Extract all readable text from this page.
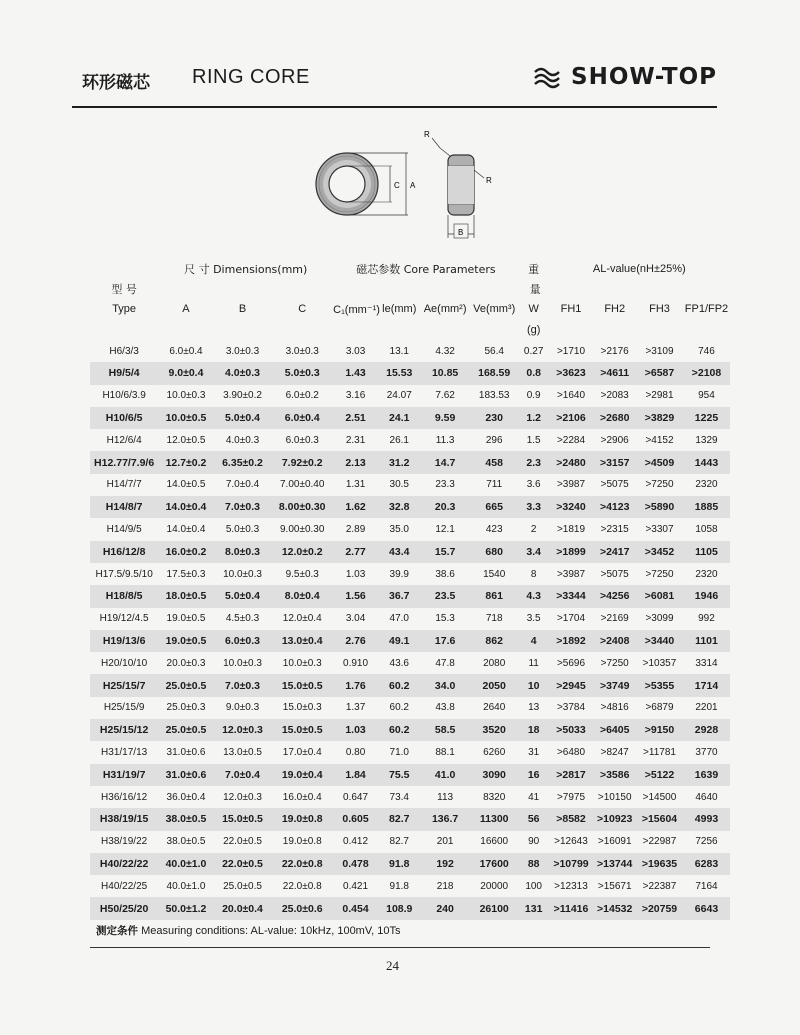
环形磁芯 RING CORE	SHOW-TOP
C A
B
R
R
	尺 寸 Dimensions(mm)			磁芯参数 Core Parameters				重	AL-value(nH±25%)			
型 号	量											
Type	A	B	C	C₁(mm⁻¹)	le(mm)	Ae(mm²)	Ve(mm³)	W	FH1	FH2	FH3	FP1/FP2
								(g)				
H6/3/3	6.0±0.4	3.0±0.3	3.0±0.3	3.03	13.1	4.32	56.4	0.27	>1710	>2176	>3109	746
H9/5/4	9.0±0.4	4.0±0.3	5.0±0.3	1.43	15.53	10.85	168.59	0.8	>3623	>4611	>6587	>2108
H10/6/3.9	10.0±0.3	3.90±0.2	6.0±0.2	3.16	24.07	7.62	183.53	0.9	>1640	>2083	>2981	954
H10/6/5	10.0±0.5	5.0±0.4	6.0±0.4	2.51	24.1	9.59	230	1.2	>2106	>2680	>3829	1225
H12/6/4	12.0±0.5	4.0±0.3	6.0±0.3	2.31	26.1	11.3	296	1.5	>2284	>2906	>4152	1329
H12.77/7.9/6	12.7±0.2	6.35±0.2	7.92±0.2	2.13	31.2	14.7	458	2.3	>2480	>3157	>4509	1443
H14/7/7	14.0±0.5	7.0±0.4	7.00±0.40	1.31	30.5	23.3	711	3.6	>3987	>5075	>7250	2320
H14/8/7	14.0±0.4	7.0±0.3	8.00±0.30	1.62	32.8	20.3	665	3.3	>3240	>4123	>5890	1885
H14/9/5	14.0±0.4	5.0±0.3	9.00±0.30	2.89	35.0	12.1	423	2	>1819	>2315	>3307	1058
H16/12/8	16.0±0.2	8.0±0.3	12.0±0.2	2.77	43.4	15.7	680	3.4	>1899	>2417	>3452	1105
H17.5/9.5/10	17.5±0.3	10.0±0.3	9.5±0.3	1.03	39.9	38.6	1540	8	>3987	>5075	>7250	2320
H18/8/5	18.0±0.5	5.0±0.4	8.0±0.4	1.56	36.7	23.5	861	4.3	>3344	>4256	>6081	1946
H19/12/4.5	19.0±0.5	4.5±0.3	12.0±0.4	3.04	47.0	15.3	718	3.5	>1704	>2169	>3099	992
H19/13/6	19.0±0.5	6.0±0.3	13.0±0.4	2.76	49.1	17.6	862	4	>1892	>2408	>3440	1101
H20/10/10	20.0±0.3	10.0±0.3	10.0±0.3	0.910	43.6	47.8	2080	11	>5696	>7250	>10357	3314
H25/15/7	25.0±0.5	7.0±0.3	15.0±0.5	1.76	60.2	34.0	2050	10	>2945	>3749	>5355	1714
H25/15/9	25.0±0.3	9.0±0.3	15.0±0.3	1.37	60.2	43.8	2640	13	>3784	>4816	>6879	2201
H25/15/12	25.0±0.5	12.0±0.3	15.0±0.5	1.03	60.2	58.5	3520	18	>5033	>6405	>9150	2928
H31/17/13	31.0±0.6	13.0±0.5	17.0±0.4	0.80	71.0	88.1	6260	31	>6480	>8247	>11781	3770
H31/19/7	31.0±0.6	7.0±0.4	19.0±0.4	1.84	75.5	41.0	3090	16	>2817	>3586	>5122	1639
H36/16/12	36.0±0.4	12.0±0.3	16.0±0.4	0.647	73.4	113	8320	41	>7975	>10150	>14500	4640
H38/19/15	38.0±0.5	15.0±0.5	19.0±0.8	0.605	82.7	136.7	11300	56	>8582	>10923	>15604	4993
H38/19/22	38.0±0.5	22.0±0.5	19.0±0.8	0.412	82.7	201	16600	90	>12643	>16091	>22987	7256
H40/22/22	40.0±1.0	22.0±0.5	22.0±0.8	0.478	91.8	192	17600	88	>10799	>13744	>19635	6283
H40/22/25	40.0±1.0	25.0±0.5	22.0±0.8	0.421	91.8	218	20000	100	>12313	>15671	>22387	7164
H50/25/20	50.0±1.2	20.0±0.4	25.0±0.6	0.454	108.9	240	26100	131	>11416	>14532	>20759	6643
测定条件 Measuring conditions: AL-value: 10kHz, 100mV, 10Ts
24
